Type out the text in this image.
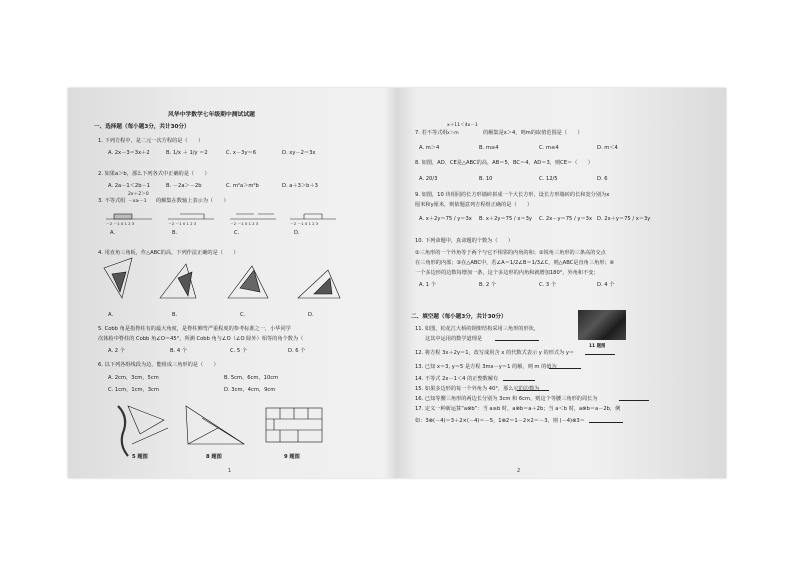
风华中学数学七年级期中测试试题
一、选择题（每小题3分，共计30分）
1. 下列方程中，是二元一次方程的是（　　）
A. 2x－3＝3x＋2	B. 1/x ＋ 1/y ＝2	C. x－3y＝6	D. xy－2＝3x
2. 如果a＞b，那么下列各式中正确的是（　　）
A. 2a－1＜2b－1	B. －2a＞－2b	C. m²a＞m²b	D. a＋3＞b＋3
3. 不等式组
2x＋2＞0
－x≥－1 的解集在数轴上表示为（　　）
－2 －1 0 1 2 3	－2 －1 0 1 2 3	－2 －1 0 1 2 3	－2 －1 0 1 2 3
A.	B.	C.	D.
4. 用直角三角板，作△ABC的高，下列作法正确的是（　　）
A.	B.	C.	D.
5. Cobb 角是指脊柱有的最大角度，是脊柱侧弯严重程度的参考标准之一，小华同学
次体检中脊柱的 Cobb 角∠O＝45°，所测 Cobb 角与∠O（∠O 除外）相等的角个数为（
A. 2 个	B. 4 个	C. 5 个	D. 6 个
6. 以下列各组线段为边，能组成三角形的是（　　）
A. 2cm，3cm，5cm	B. 5cm，6cm，10cm
C. 1cm，1cm，3cm	D. 3cm，4cm，9cm
5 题图	8 题图	9 题图
1
7. 若不等式组
x＋11＜4x－1
x＞m	的解集是x＞4，则m的取值范围是（　　）
A. m＞4	B. m≥4	C. m≤4	D. m＜4
8. 如图，AD、CE是△ABC的高，AB＝5，BC＝4，AD＝3，则CE＝（　　）
A. 20/3	B. 10	C. 12/5	D. 6
9. 如图，10 块相同的长方形墙砖拼成一个大长方形，设长方形墙砖的长和宽分别为x
厘米和y厘米，则依题意列方程组正确的是（　　）
A. x＋2y＝75 / y＝3x B. x＋2y＝75 / x＝3y C. 2x－y＝75 / y＝3x D. 2x＋y＝75 / x＝3y
10. 下列命题中，真命题的个数为（　　）
①三角形的一个外角等于两个与它不相邻的内角的和；②锐角三角形的三条高的交点
在三角形的内部；③在△ABC中，若∠A＝1/2∠B＝1/3∠C，则△ABC是直角三角形；④
一个多边形的边数每增加一条，这个多边形的内角和就增加180°，外角和不变；
A. 1 个	B. 2 个	C. 3 个	D. 4 个
二、填空题（每小题3分，共计30分）
11 题图
11. 如图，松花江大桥的钢架结构采用三角形的形状，
这其中运用的数学道理是
12. 将方程 3x＋2y＝1，改写成用含 x 的代数式表示 y 的形式为 y＝
13. 已知 x＝3, y＝5 是方程 3mx－y＝1 的解，则 m 的值为
14. 不等式 2x－1＜4 的正整数解有
15. 如果多边形的每一个外角为 40°，那么它的边数为
16. 已知等腰三角形的两边长分别为 3cm 和 6cm，则这个等腰三角形的周长为
17. 定义一种新运算“a⊗b”：当 a≥b 时，a⊗b＝a＋2b；当 a＜b 时，a⊗b＝a－2b，例
如：3⊗(－4)＝3＋2×(－4)＝－5，1⊗2＝1－2×2＝－3，则 (－4)⊗3＝
2
